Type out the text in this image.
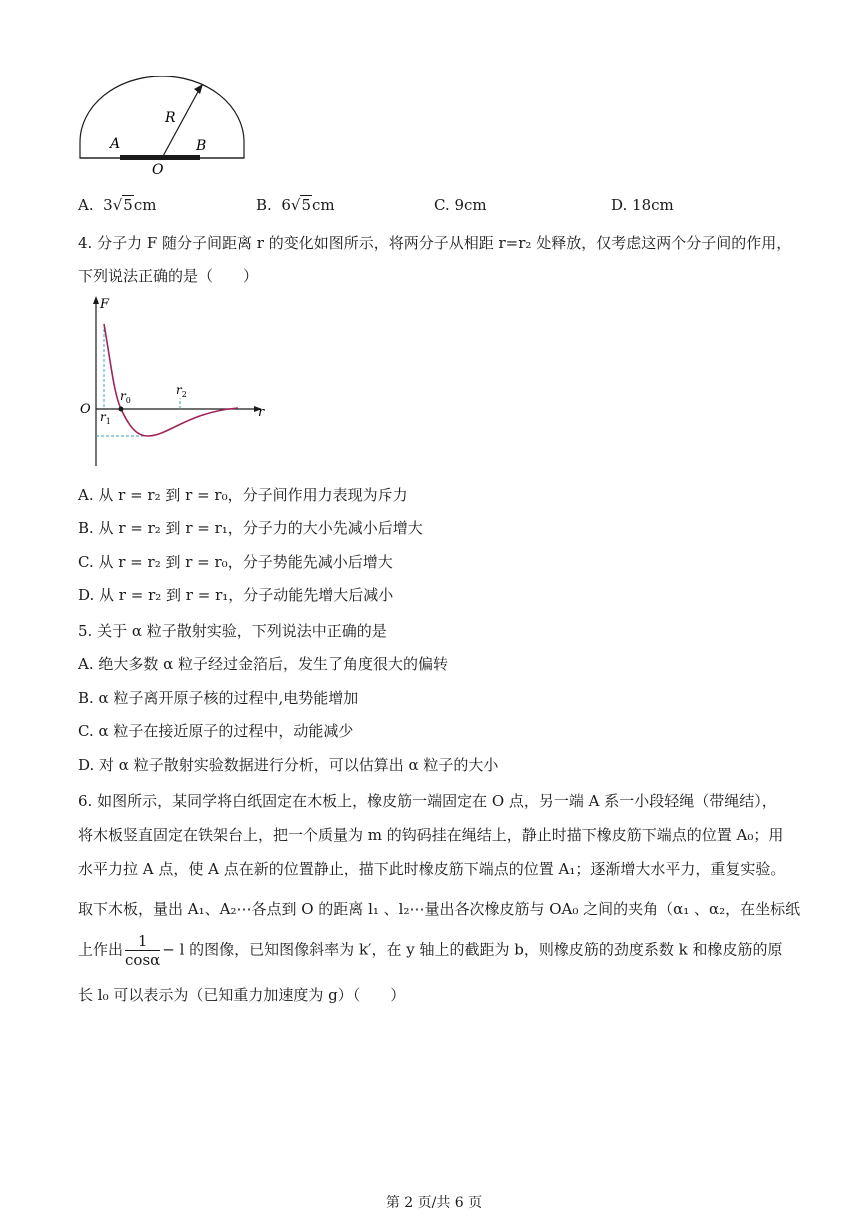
R
A	B
O
A. 3√5cm	B. 6√5cm	C. 9cm	D. 18cm
4. 分子力 F 随分子间距离 r 的变化如图所示，将两分子从相距 r=r₂ 处释放，仅考虑这两个分子间的作用，
下列说法正确的是（　　）
F
O	r
$r_0$
$r_1$
$r_2$
A. 从 r = r₂ 到 r = r₀，分子间作用力表现为斥力
B. 从 r = r₂ 到 r = r₁，分子力的大小先减小后增大
C. 从 r = r₂ 到 r = r₀，分子势能先减小后增大
D. 从 r = r₂ 到 r = r₁，分子动能先增大后减小
5. 关于 α 粒子散射实验，下列说法中正确的是
A. 绝大多数 α 粒子经过金箔后，发生了角度很大的偏转
B. α 粒子离开原子核的过程中,电势能增加
C. α 粒子在接近原子的过程中，动能减少
D. 对 α 粒子散射实验数据进行分析，可以估算出 α 粒子的大小
6. 如图所示，某同学将白纸固定在木板上，橡皮筋一端固定在 O 点，另一端 A 系一小段轻绳（带绳结），
将木板竖直固定在铁架台上，把一个质量为 m 的钩码挂在绳结上，静止时描下橡皮筋下端点的位置 A₀；用
水平力拉 A 点，使 A 点在新的位置静止，描下此时橡皮筋下端点的位置 A₁；逐渐增大水平力，重复实验。
取下木板，量出 A₁、A₂⋯各点到 O 的距离 l₁ 、l₂⋯量出各次橡皮筋与 OA₀ 之间的夹角（α₁ 、α₂，在坐标纸
上作出 $\frac{1}{\cos\alpha} - l$ 的图像，已知图像斜率为 k′，在 y 轴上的截距为 b，则橡皮筋的劲度系数 k 和橡皮筋的原
长 l₀ 可以表示为（已知重力加速度为 g）（　　）
第 2 页/共 6 页
